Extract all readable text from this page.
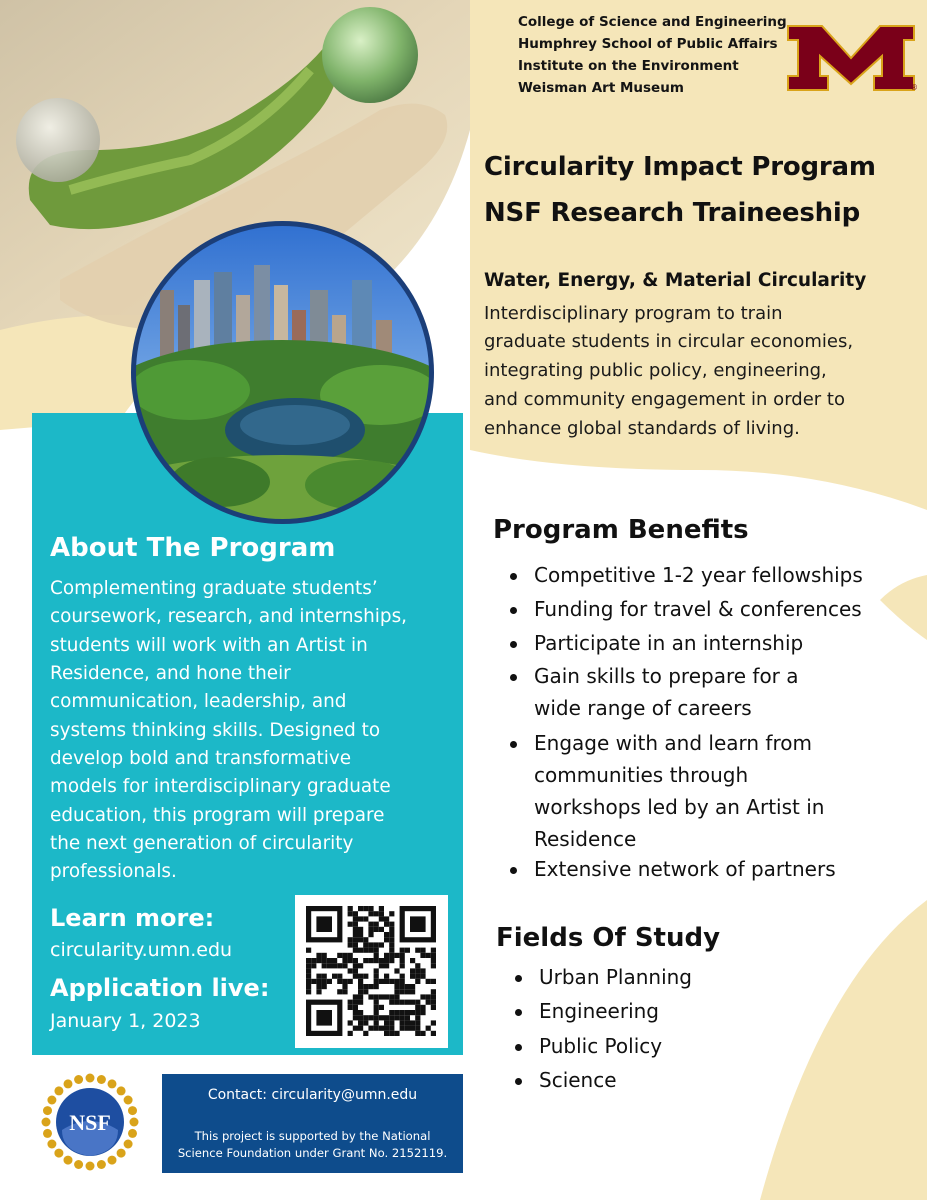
College of Science and Engineering
Humphrey School of Public Affairs
Institute on the Environment
Weisman Art Museum	®
Circularity Impact Program
NSF Research Traineeship
Water, Energy, & Material Circularity
Interdisciplinary program to train
graduate students in circular economies,
integrating public policy, engineering,
and community engagement in order to
enhance global standards of living.
About The Program
Complementing graduate students’
coursework, research, and internships,
students will work with an Artist in
Residence, and hone their
communication, leadership, and
systems thinking skills. Designed to
develop bold and transformative
models for interdisciplinary graduate
education, this program will prepare
the next generation of circularity
professionals.
Learn more:
circularity.umn.edu
Application live:
January 1, 2023
NSF
Contact: circularity@umn.edu
This project is supported by the National
Science Foundation under Grant No. 2152119.
Program Benefits
Competitive 1-2 year fellowships
Funding for travel & conferences
Participate in an internship
Gain skills to prepare for a
wide range of careers
Engage with and learn from
communities through
workshops led by an Artist in
Residence
Extensive network of partners
Fields Of Study
Urban Planning
Engineering
Public Policy
Science
